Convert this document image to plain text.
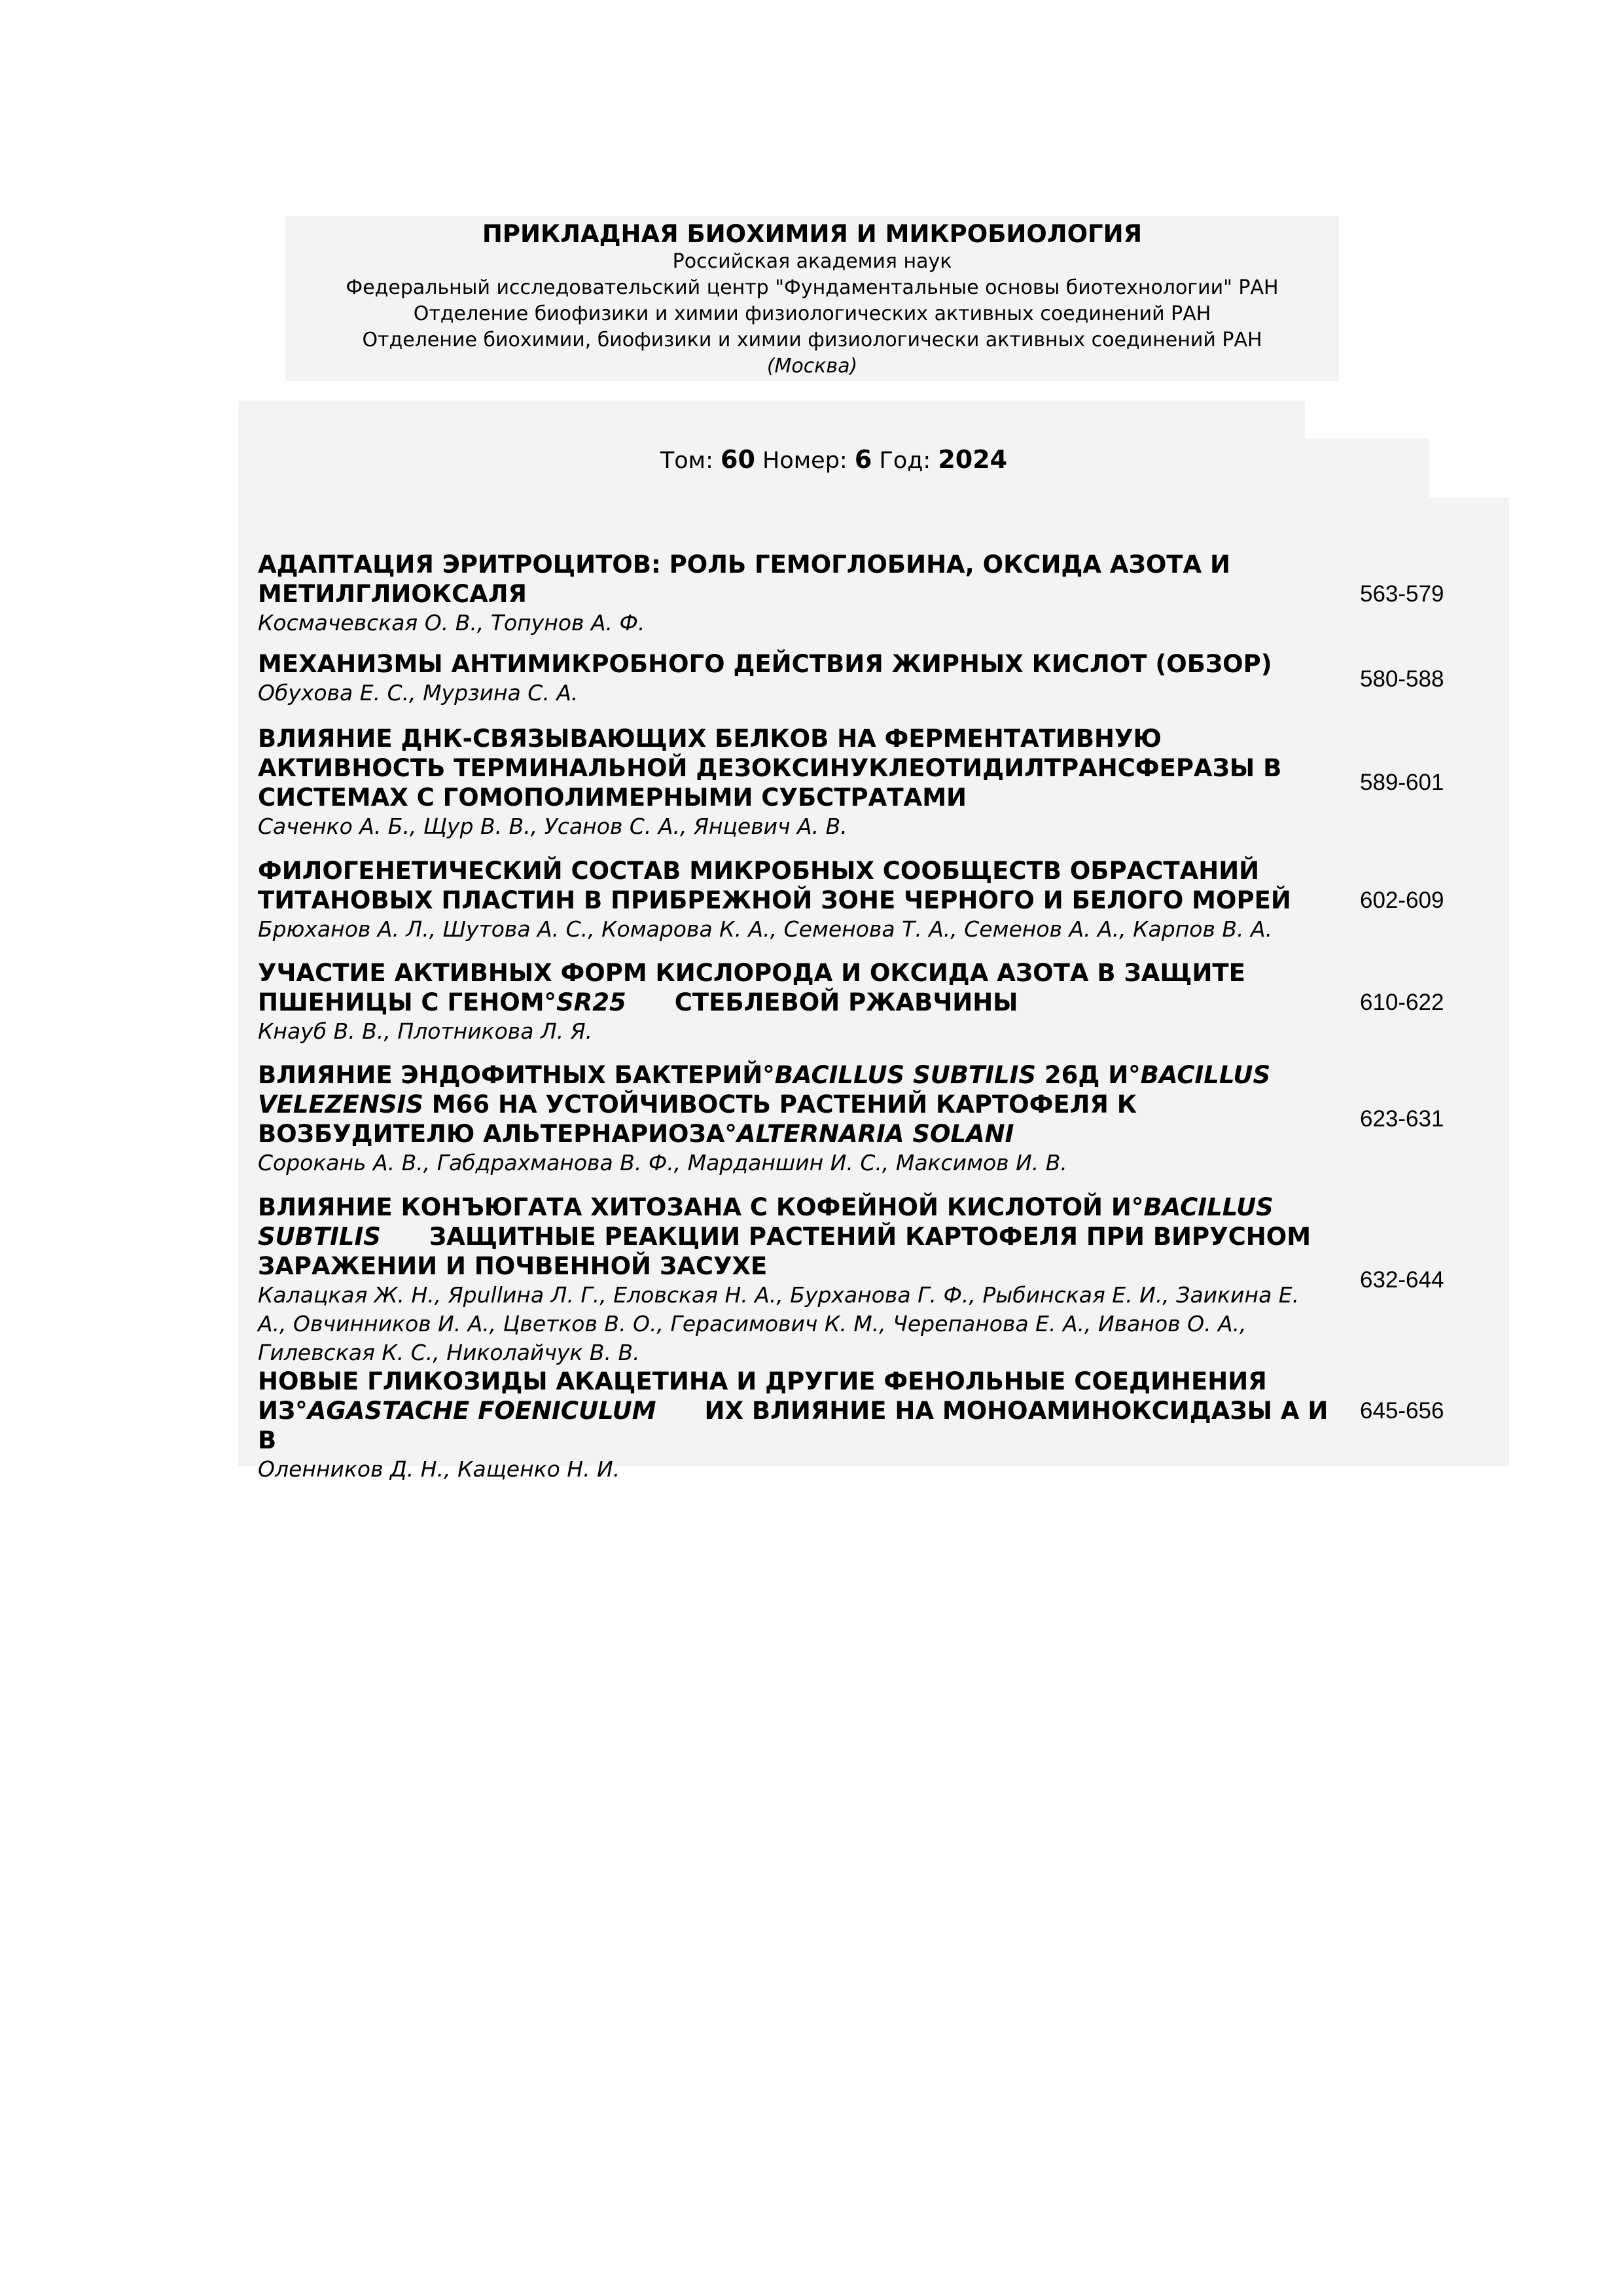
ПРИКЛАДНАЯ БИОХИМИЯ И МИКРОБИОЛОГИЯ
Российская академия наук
Федеральный исследовательский центр "Фундаментальные основы биотехнологии" РАН
Отделение биофизики и химии физиологических активных соединений РАН
Отделение биохимии, биофизики и химии физиологически активных соединений РАН
(Москва)
Том: 60 Номер: 6 Год: 2024
АДАПТАЦИЯ ЭРИТРОЦИТОВ: РОЛЬ ГЕМОГЛОБИНА, ОКСИДА АЗОТА И МЕТИЛГЛИОКСАЛЯ
Космачевская О. В., Топунов А. Ф.
563-579
МЕХАНИЗМЫ АНТИМИКРОБНОГО ДЕЙСТВИЯ ЖИРНЫХ КИСЛОТ (ОБЗОР)
Обухова Е. С., Мурзина С. А.
580-588
ВЛИЯНИЕ ДНК-СВЯЗЫВАЮЩИХ БЕЛКОВ НА ФЕРМЕНТАТИВНУЮ АКТИВНОСТЬ ТЕРМИНАЛЬНОЙ ДЕЗОКСИНУКЛЕОТИДИЛТРАНСФЕРАЗЫ В СИСТЕМАХ С ГОМОПОЛИМЕРНЫМИ СУБСТРАТАМИ
Саченко А. Б., Щур В. В., Усанов С. А., Янцевич А. В.
589-601
ФИЛОГЕНЕТИЧЕСКИЙ СОСТАВ МИКРОБНЫХ СООБЩЕСТВ ОБРАСТАНИЙ ТИТАНОВЫХ ПЛАСТИН В ПРИБРЕЖНОЙ ЗОНЕ ЧЕРНОГО И БЕЛОГО МОРЕЙ
Брюханов А. Л., Шутова А. С., Комарова К. А., Семенова Т. А., Семенов А. А., Карпов В. А.
602-609
УЧАСТИЕ АКТИВНЫХ ФОРМ КИСЛОРОДА И ОКСИДА АЗОТА В ЗАЩИТЕ ПШЕНИЦЫ С ГЕНОМ°SR25  СТЕБЛЕВОЙ РЖАВЧИНЫ
Кнауб В. В., Плотникова Л. Я.
610-622
ВЛИЯНИЕ ЭНДОФИТНЫХ БАКТЕРИЙ°BACILLUS SUBTILIS 26Д И°BACILLUS VELEZENSIS М66 НА УСТОЙЧИВОСТЬ РАСТЕНИЙ КАРТОФЕЛЯ К ВОЗБУДИТЕЛЮ АЛЬТЕРНАРИОЗА°ALTERNARIA SOLANI
Сорокань А. В., Габдрахманова В. Ф., Марданшин И. С., Максимов И. В.
623-631
ВЛИЯНИЕ КОНЪЮГАТА ХИТОЗАНА С КОФЕЙНОЙ КИСЛОТОЙ И°BACILLUS SUBTILIS  ЗАЩИТНЫЕ РЕАКЦИИ РАСТЕНИЙ КАРТОФЕЛЯ ПРИ ВИРУСНОМ ЗАРАЖЕНИИ И ПОЧВЕННОЙ ЗАСУХЕ
Калацкая Ж. Н., Ярullина Л. Г., Еловская Н. А., Бурханова Г. Ф., Рыбинская Е. И., Заикина Е. А., Овчинников И. А., Цветков В. О., Герасимович К. М., Черепанова Е. А., Иванов О. А., Гилевская К. С., Николайчук В. В.
632-644
НОВЫЕ ГЛИКОЗИДЫ АКАЦЕТИНА И ДРУГИЕ ФЕНОЛЬНЫЕ СОЕДИНЕНИЯ ИЗ°AGASTACHE FOENICULUM  ИХ ВЛИЯНИЕ НА МОНОАМИНОКСИДАЗЫ А И В
Оленников Д. Н., Кащенко Н. И.
645-656
